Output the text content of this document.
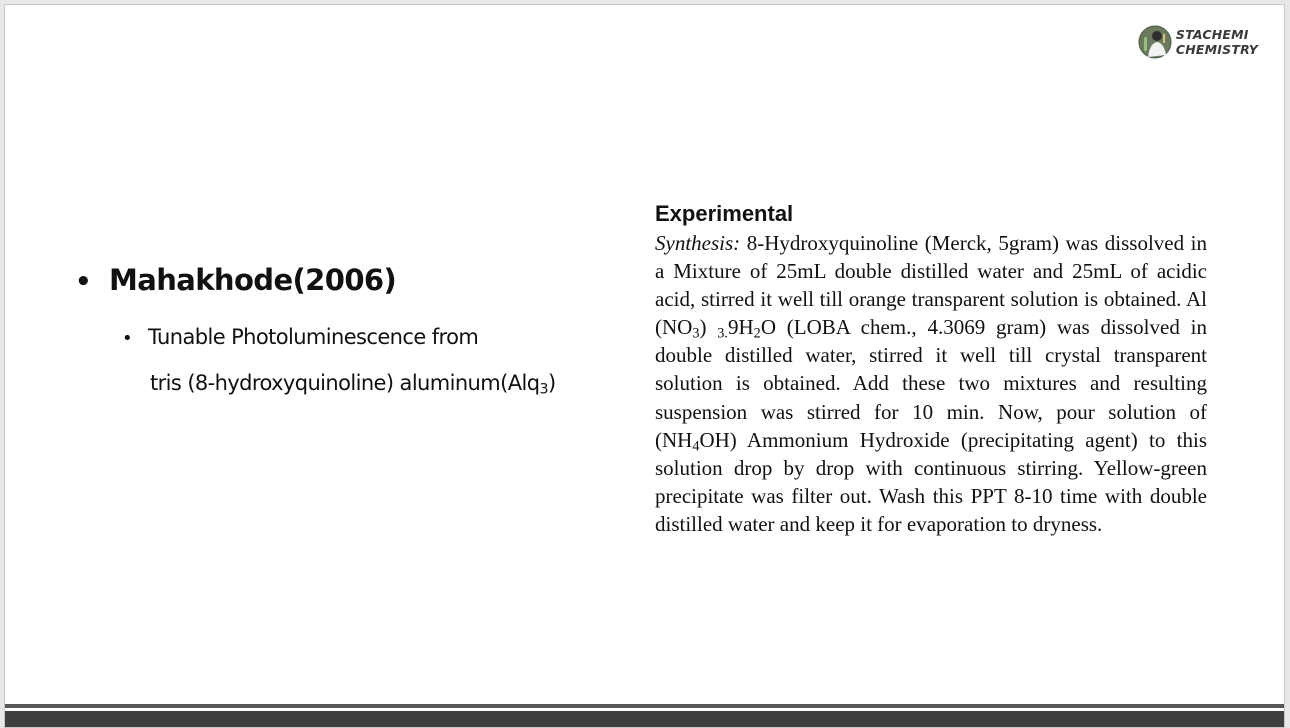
STACHEMI
CHEMISTRY
• Mahakhode(2006)
• Tunable Photoluminescence from
tris (8-hydroxyquinoline) aluminum(Alq$_3$)
Experimental

Synthesis: 8-Hydroxyquinoline (Merck, 5gram) was dissolved in a Mixture of 25mL double distilled water and 25mL of acidic acid, stirred it well till orange transparent solution is obtained. Al $(NO_3)$ $_{3.}9H_2O$ (LOBA chem., 4.3069 gram) was dissolved in double distilled water, stirred it well till crystal transparent solution is obtained. Add these two mixtures and resulting suspension was stirred for 10 min. Now, pour solution of $(NH_4OH)$ Ammonium Hydroxide (precipitating agent) to this solution drop by drop with continuous stirring. Yellow-green precipitate was filter out. Wash this PPT 8-10 time with double distilled water and keep it for evaporation to dryness.
